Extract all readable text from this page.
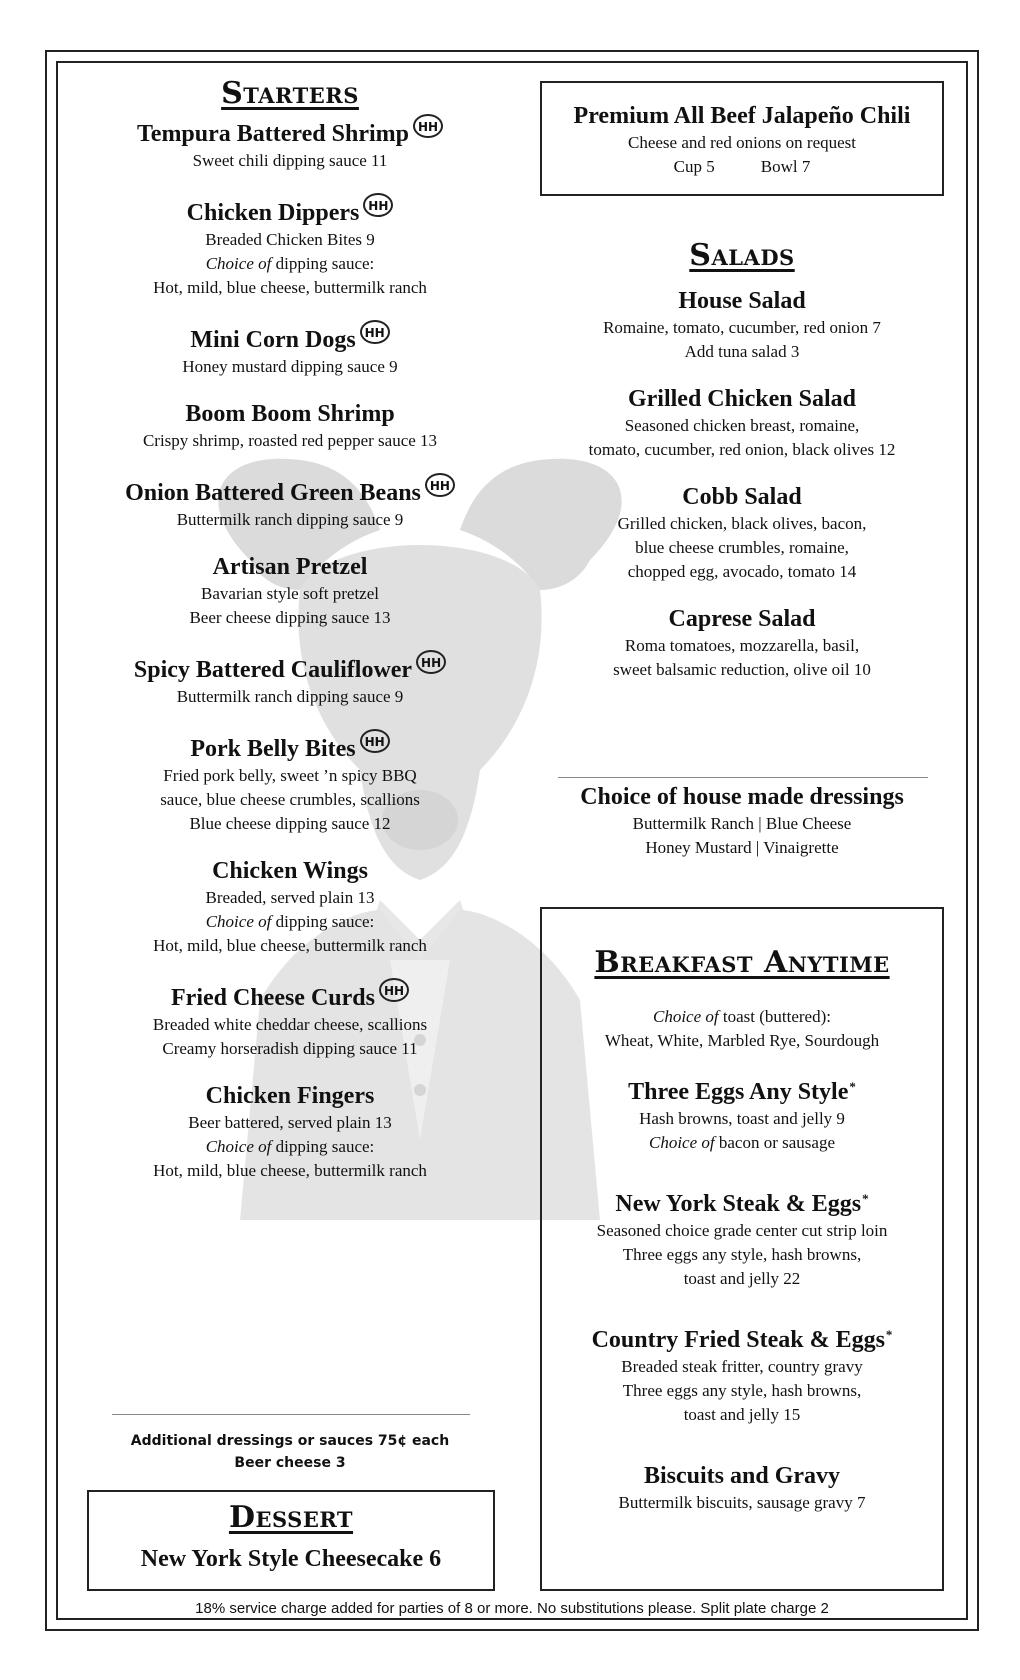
Starters
Tempura Battered Shrimp HH
Sweet chili dipping sauce 11
Chicken Dippers HH
Breaded Chicken Bites 9
Choice of dipping sauce:
Hot, mild, blue cheese, buttermilk ranch
Mini Corn Dogs HH
Honey mustard dipping sauce 9
Boom Boom Shrimp
Crispy shrimp, roasted red pepper sauce 13
Onion Battered Green Beans HH
Buttermilk ranch dipping sauce 9
Artisan Pretzel
Bavarian style soft pretzel
Beer cheese dipping sauce 13
Spicy Battered Cauliflower HH
Buttermilk ranch dipping sauce 9
Pork Belly Bites HH
Fried pork belly, sweet ’n spicy BBQ
sauce, blue cheese crumbles, scallions
Blue cheese dipping sauce 12
Chicken Wings
Breaded, served plain 13
Choice of dipping sauce:
Hot, mild, blue cheese, buttermilk ranch
Fried Cheese Curds HH
Breaded white cheddar cheese, scallions
Creamy horseradish dipping sauce 11
Chicken Fingers
Beer battered, served plain 13
Choice of dipping sauce:
Hot, mild, blue cheese, buttermilk ranch
Additional dressings or sauces 75¢ each
Beer cheese 3
Dessert
New York Style Cheesecake 6
Premium All Beef Jalapeño Chili
Cheese and red onions on request
Cup 5	Bowl 7
Salads
House Salad
Romaine, tomato, cucumber, red onion 7
Add tuna salad 3
Grilled Chicken Salad
Seasoned chicken breast, romaine,
tomato, cucumber, red onion, black olives 12
Cobb Salad
Grilled chicken, black olives, bacon,
blue cheese crumbles, romaine,
chopped egg, avocado, tomato 14
Caprese Salad
Roma tomatoes, mozzarella, basil,
sweet balsamic reduction, olive oil 10
Choice of house made dressings
Buttermilk Ranch | Blue Cheese
Honey Mustard | Vinaigrette
Breakfast Anytime
Choice of toast (buttered):
Wheat, White, Marbled Rye, Sourdough
Three Eggs Any Style*
Hash browns, toast and jelly 9
Choice of bacon or sausage
New York Steak & Eggs*
Seasoned choice grade center cut strip loin
Three eggs any style, hash browns,
toast and jelly 22
Country Fried Steak & Eggs*
Breaded steak fritter, country gravy
Three eggs any style, hash browns,
toast and jelly 15
Biscuits and Gravy
Buttermilk biscuits, sausage gravy 7
18% service charge added for parties of 8 or more. No substitutions please. Split plate charge 2
